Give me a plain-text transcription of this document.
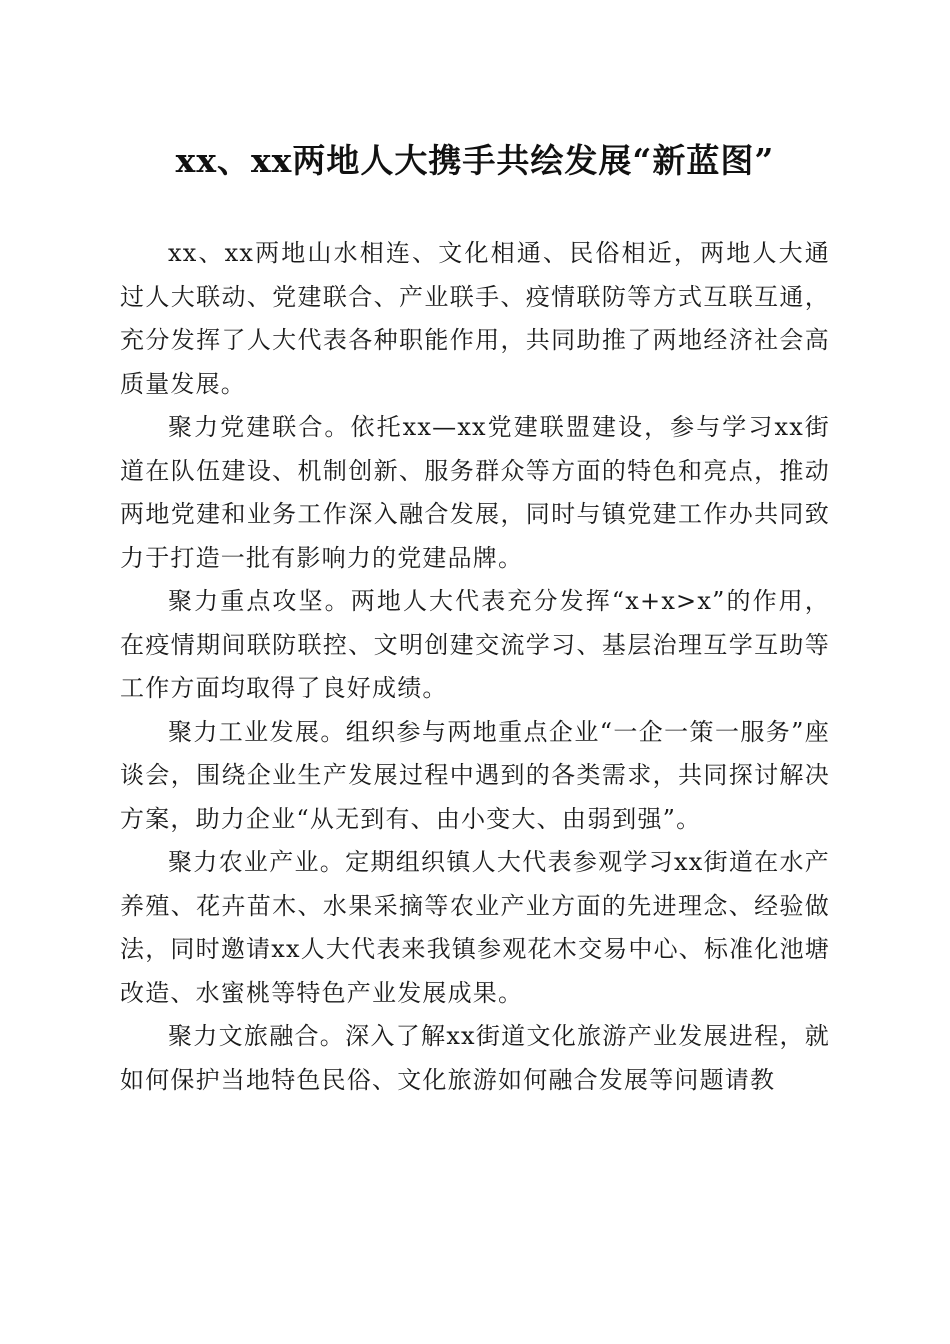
xx、xx两地人大携手共绘发展“新蓝图”

xx、xx两地山水相连、文化相通、民俗相近，两地人大通过人大联动、党建联合、产业联手、疫情联防等方式互联互通，充分发挥了人大代表各种职能作用，共同助推了两地经济社会高质量发展。

聚力党建联合。依托xx—xx党建联盟建设，参与学习xx街道在队伍建设、机制创新、服务群众等方面的特色和亮点，推动两地党建和业务工作深入融合发展，同时与镇党建工作办共同致力于打造一批有影响力的党建品牌。

聚力重点攻坚。两地人大代表充分发挥“x+x>x”的作用，在疫情期间联防联控、文明创建交流学习、基层治理互学互助等工作方面均取得了良好成绩。

聚力工业发展。组织参与两地重点企业“一企一策一服务”座谈会，围绕企业生产发展过程中遇到的各类需求，共同探讨解决方案，助力企业“从无到有、由小变大、由弱到强”。

聚力农业产业。定期组织镇人大代表参观学习xx街道在水产养殖、花卉苗木、水果采摘等农业产业方面的先进理念、经验做法，同时邀请xx人大代表来我镇参观花木交易中心、标准化池塘改造、水蜜桃等特色产业发展成果。

聚力文旅融合。深入了解xx街道文化旅游产业发展进程，就如何保护当地特色民俗、文化旅游如何融合发展等问题请教
